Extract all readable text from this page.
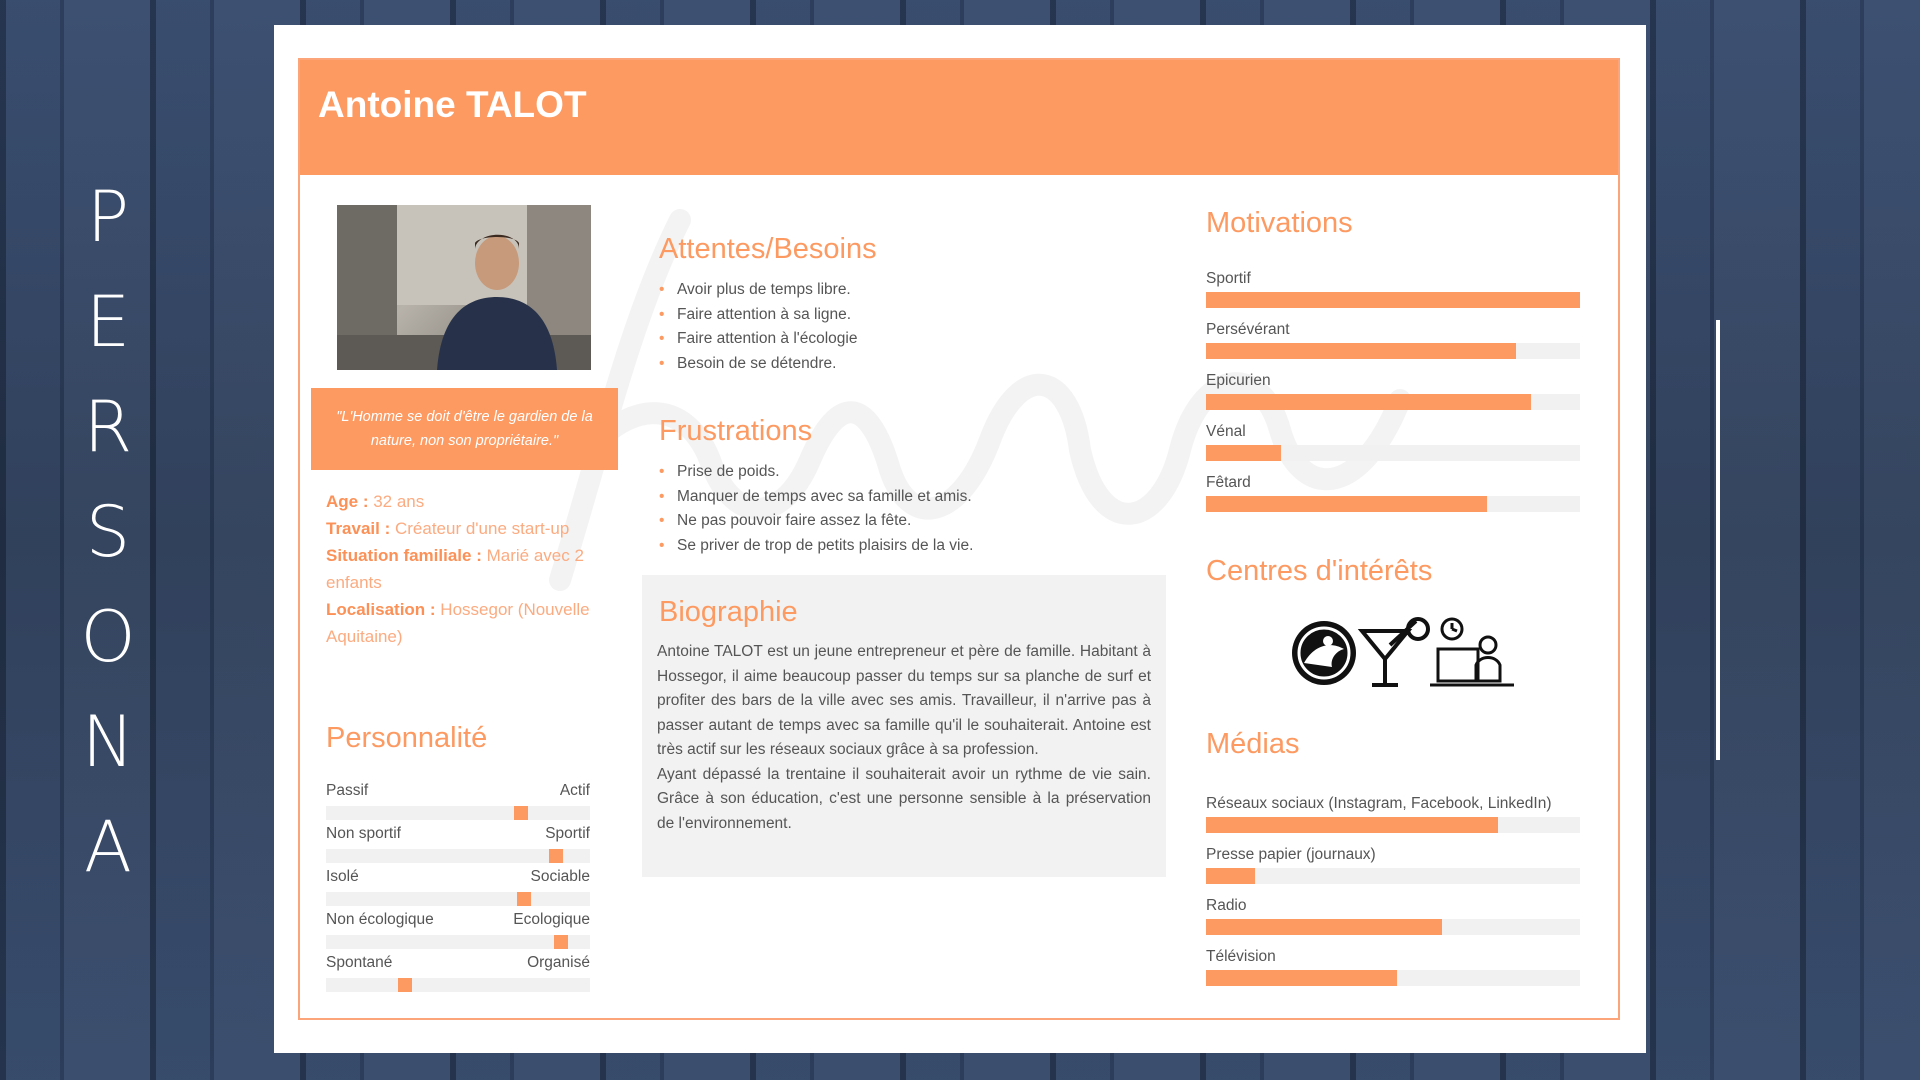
P
E
R
S
O
N
A
Antoine TALOT
"L'Homme se doit d'être le gardien de la nature, non son propriétaire."

Age : 32 ans

Travail : Créateur d'une start-up

Situation familiale : Marié avec 2 enfants

Localisation : Hossegor (Nouvelle Aquitaine)

Personnalité
Passif	Actif
Non sportif	Sportif
Isolé	Sociable
Non écologique	Ecologique
Spontané	Organisé
Attentes/Besoins
• Avoir plus de temps libre.
• Faire attention à sa ligne.
• Faire attention à l'écologie
• Besoin de se détendre.
Frustrations
• Prise de poids.
• Manquer de temps avec sa famille et amis.
• Ne pas pouvoir faire assez la fête.
• Se priver de trop de petits plaisirs de la vie.
Biographie

Antoine TALOT est un jeune entrepreneur et père de famille. Habitant à Hossegor, il aime beaucoup passer du temps sur sa planche de surf et profiter des bars de la ville avec ses amis. Travailleur, il n'arrive pas à passer autant de temps avec sa famille qu'il le souhaiterait. Antoine est très actif sur les réseaux sociaux grâce à sa profession.

Ayant dépassé la trentaine il souhaiterait avoir un rythme de vie sain. Grâce à son éducation, c'est une personne sensible à la préservation de l'environnement.

Motivations
Sportif
Persévérant
Epicurien
Vénal
Fêtard
Centres d'intérêts
Médias
Réseaux sociaux (Instagram, Facebook, LinkedIn)
Presse papier (journaux)
Radio
Télévision
